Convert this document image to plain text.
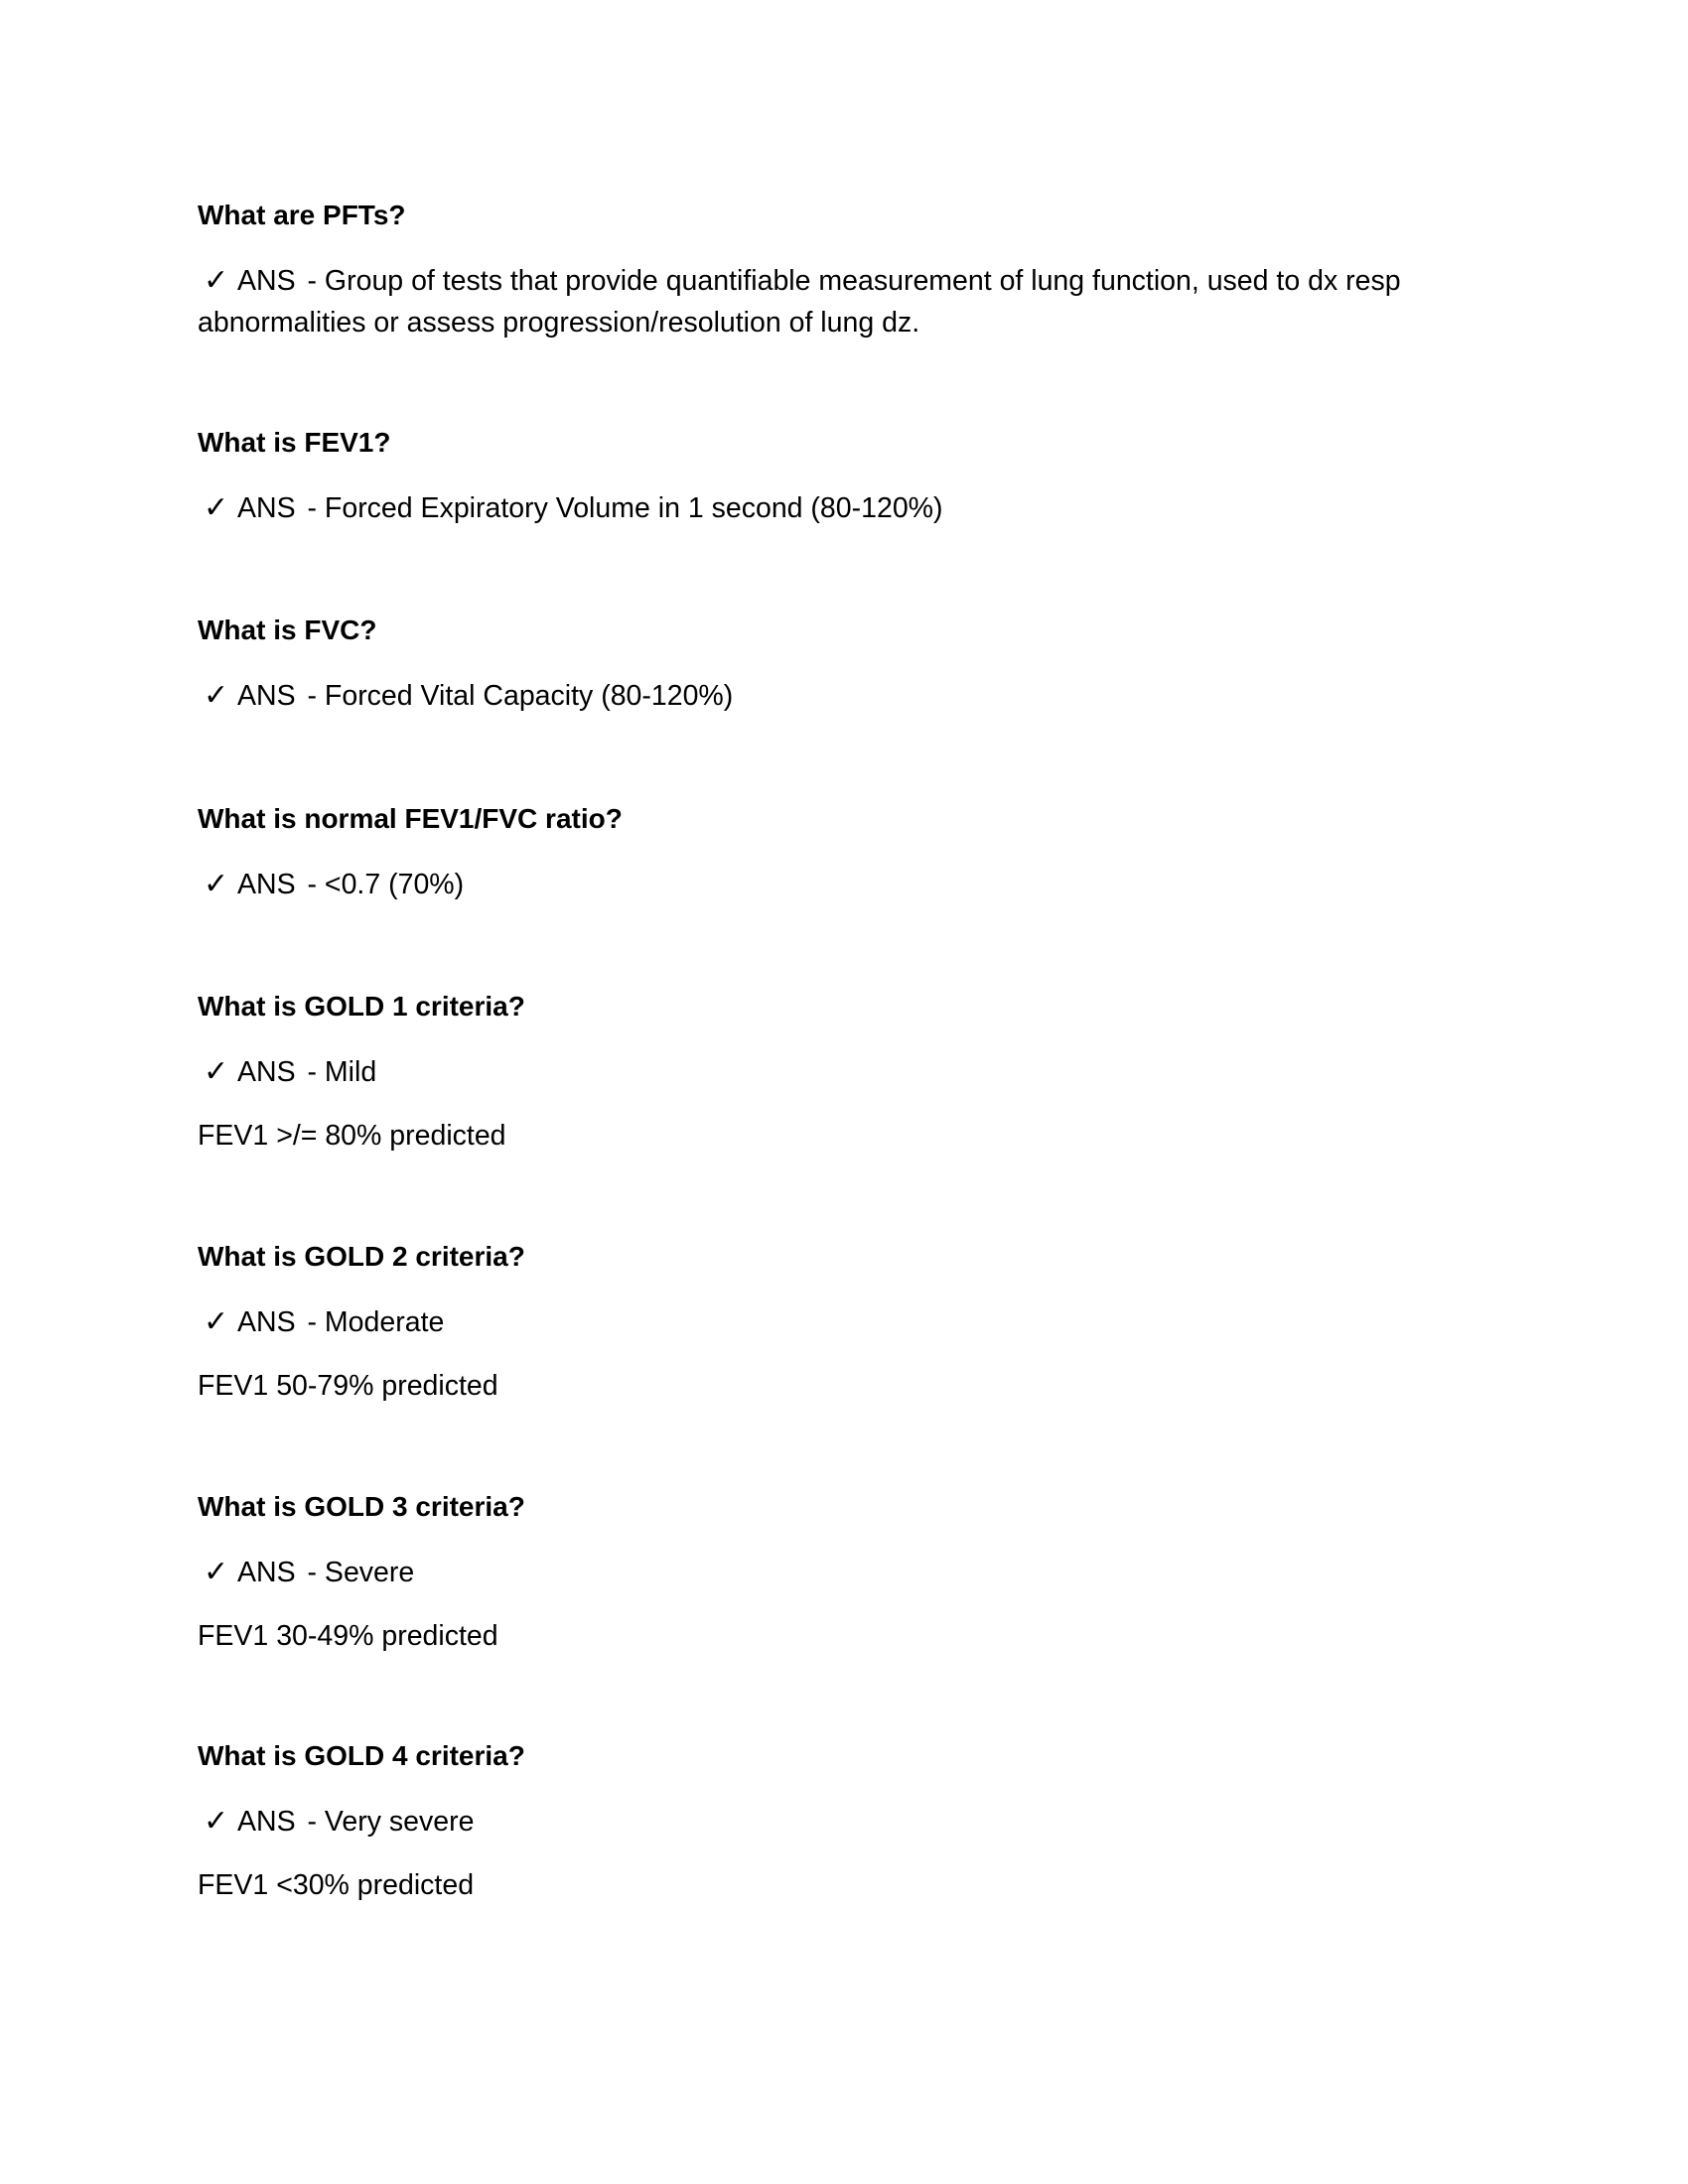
What are PFTs?

✓ ANS - Group of tests that provide quantifiable measurement of lung function, used to dx resp abnormalities or assess progression/resolution of lung dz.

What is FEV1?

✓ ANS - Forced Expiratory Volume in 1 second (80-120%)

What is FVC?

✓ ANS - Forced Vital Capacity (80-120%)

What is normal FEV1/FVC ratio?

✓ ANS - <0.7 (70%)

What is GOLD 1 criteria?

✓ ANS - Mild

FEV1 >/= 80% predicted

What is GOLD 2 criteria?

✓ ANS - Moderate

FEV1 50-79% predicted

What is GOLD 3 criteria?

✓ ANS - Severe

FEV1 30-49% predicted

What is GOLD 4 criteria?

✓ ANS - Very severe

FEV1 <30% predicted
